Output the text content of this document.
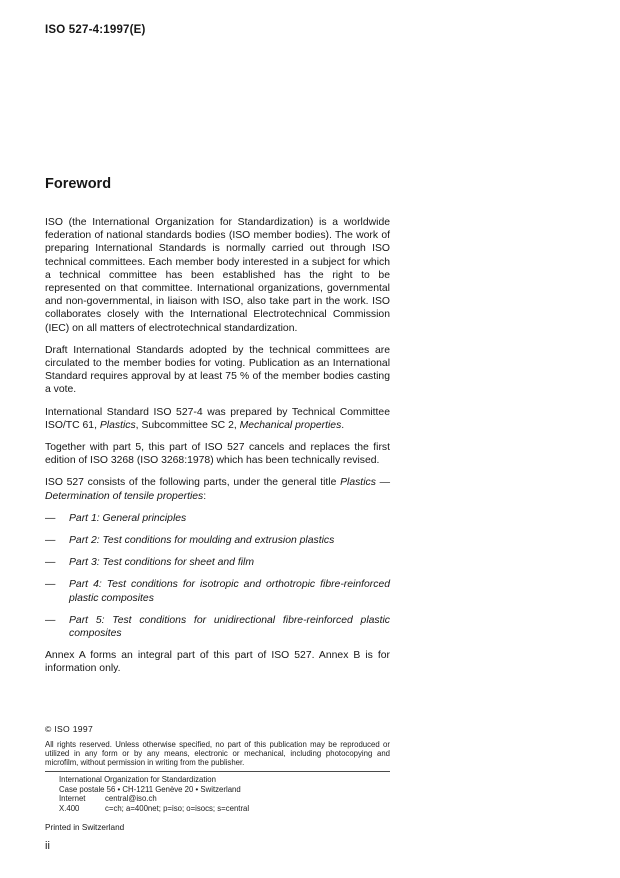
ISO 527-4:1997(E)
Foreword

ISO (the International Organization for Standardization) is a worldwide federation of national standards bodies (ISO member bodies). The work of preparing International Standards is normally carried out through ISO technical committees. Each member body interested in a subject for which a technical committee has been established has the right to be represented on that committee. International organizations, governmental and non-governmental, in liaison with ISO, also take part in the work. ISO collaborates closely with the International Electrotechnical Commission (IEC) on all matters of electrotechnical standardization.

Draft International Standards adopted by the technical committees are circulated to the member bodies for voting. Publication as an International Standard requires approval by at least 75 % of the member bodies casting a vote.

International Standard ISO 527-4 was prepared by Technical Committee ISO/TC 61, Plastics, Subcommittee SC 2, Mechanical properties.

Together with part 5, this part of ISO 527 cancels and replaces the first edition of ISO 3268 (ISO 3268:1978) which has been technically revised.

ISO 527 consists of the following parts, under the general title Plastics — Determination of tensile properties:

—	Part 1: General principles
—	Part 2: Test conditions for moulding and extrusion plastics
—	Part 3: Test conditions for sheet and film
—	Part 4: Test conditions for isotropic and orthotropic fibre-reinforced plastic composites
—	Part 5: Test conditions for unidirectional fibre-reinforced plastic composites

Annex A forms an integral part of this part of ISO 527. Annex B is for information only.

© ISO 1997

All rights reserved. Unless otherwise specified, no part of this publication may be reproduced or utilized in any form or by any means, electronic or mechanical, including photocopying and microfilm, without permission in writing from the publisher.

International Organization for Standardization
Case postale 56 • CH-1211 Genève 20 • Switzerland
Internet	central@iso.ch
X.400	c=ch; a=400net; p=iso; o=isocs; s=central
Printed in Switzerland
ii
